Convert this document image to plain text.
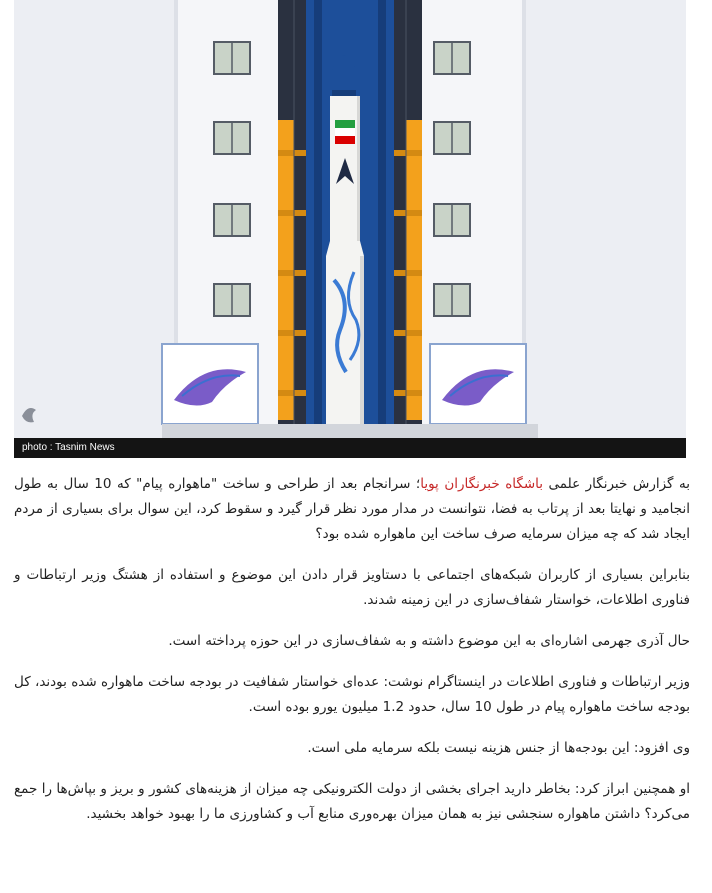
photo : Tasnim News

به گزارش خبرنگار علمی باشگاه خبرنگاران پویا؛ سرانجام بعد از طراحی و ساخت "ماهواره پیام" که 10 سال به طول انجامید و نهایتا بعد از پرتاب به فضا، نتوانست در مدار مورد نظر قرار گیرد و سقوط کرد، این سوال برای بسیاری از مردم ایجاد شد که چه میزان سرمایه صرف ساخت این ماهواره شده بود؟

بنابراین بسیاری از کاربران شبکه‌های اجتماعی با دستاویز قرار دادن این موضوع و استفاده از هشتگ وزیر ارتباطات و فناوری اطلاعات، خواستار شفاف‌سازی در این زمینه شدند.

حال آذری جهرمی اشاره‌ای به این موضوع داشته و به شفاف‌سازی در این حوزه پرداخته است.

وزیر ارتباطات و فناوری اطلاعات در اینستاگرام نوشت: عده‌ای خواستار شفافیت در بودجه ساخت ماهواره شده بودند، کل بودجه ساخت ماهواره پیام در طول 10 سال، حدود 1.2 میلیون یورو بوده است.

وی افزود: این بودجه‌ها از جنس هزینه نیست بلکه سرمایه ملی است.

او همچنین ابراز کرد: بخاطر دارید اجرای بخشی از دولت الکترونیکی چه میزان از هزینه‌های کشور و بریز و بپاش‌ها را جمع می‌کرد؟ داشتن ماهواره سنجشی نیز به همان میزان بهره‌وری منابع آب و کشاورزی ما را بهبود خواهد بخشید.
